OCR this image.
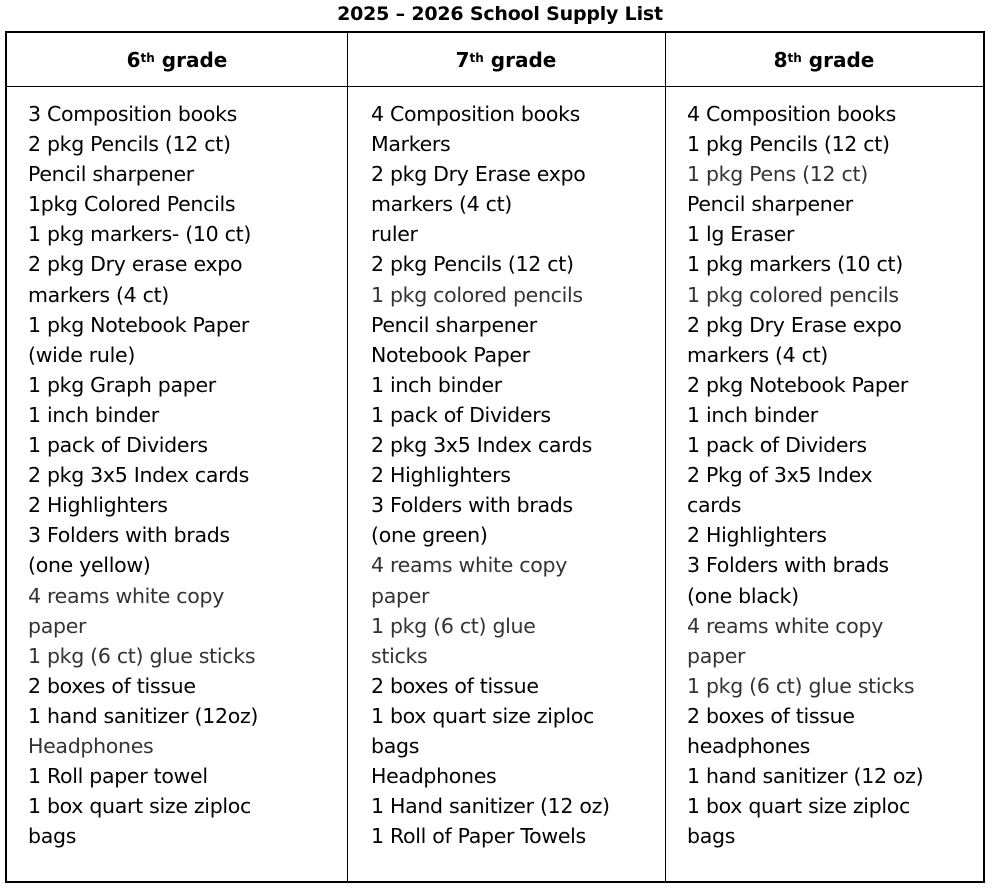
2025 – 2026 School Supply List
6th grade
3 Composition books
2 pkg Pencils (12 ct)
Pencil sharpener
1pkg Colored Pencils
1 pkg markers- (10 ct)
2 pkg Dry erase expo
markers (4 ct)
1 pkg Notebook Paper
(wide rule)
1 pkg Graph paper
1 inch binder
1 pack of Dividers
2 pkg 3x5 Index cards
2 Highlighters
3 Folders with brads
(one yellow)
4 reams white copy
paper
1 pkg (6 ct) glue sticks
2 boxes of tissue
1 hand sanitizer (12oz)
Headphones
1 Roll paper towel
1 box quart size ziploc
bags
7th grade
4 Composition books
Markers
2 pkg Dry Erase expo
markers (4 ct)
ruler
2 pkg Pencils (12 ct)
1 pkg colored pencils
Pencil sharpener
Notebook Paper
1 inch binder
1 pack of Dividers
2 pkg 3x5 Index cards
2 Highlighters
3 Folders with brads
(one green)
4 reams white copy
paper
1 pkg (6 ct) glue
sticks
2 boxes of tissue
1 box quart size ziploc
bags
Headphones
1 Hand sanitizer (12 oz)
1 Roll of Paper Towels
8th grade
4 Composition books
1 pkg Pencils (12 ct)
1 pkg Pens (12 ct)
Pencil sharpener
1 lg Eraser
1 pkg markers (10 ct)
1 pkg colored pencils
2 pkg Dry Erase expo
markers (4 ct)
2 pkg Notebook Paper
1 inch binder
1 pack of Dividers
2 Pkg of 3x5 Index
cards
2 Highlighters
3 Folders with brads
(one black)
4 reams white copy
paper
1 pkg (6 ct) glue sticks
2 boxes of tissue
headphones
1 hand sanitizer (12 oz)
1 box quart size ziploc
bags
